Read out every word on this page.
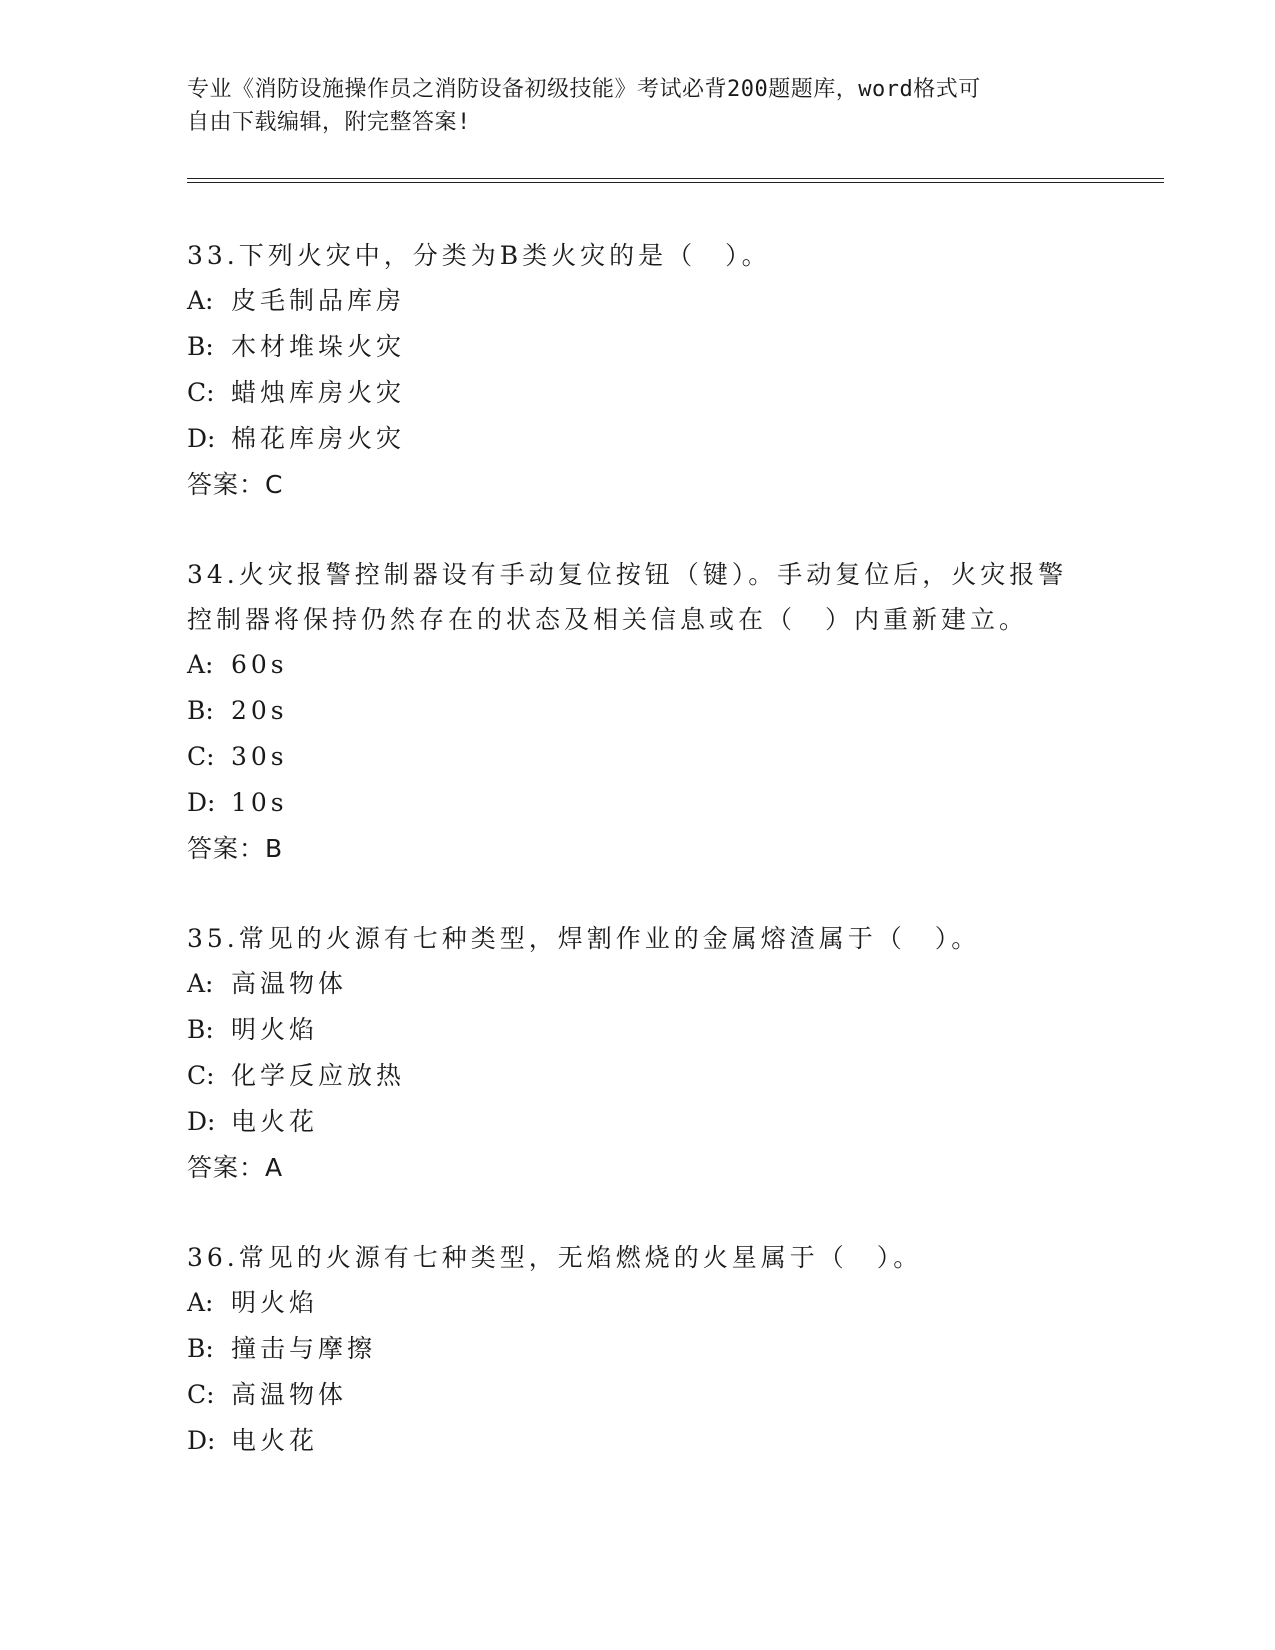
专业《消防设施操作员之消防设备初级技能》考试必背200题题库，word格式可
自由下载编辑，附完整答案!
33.下列火灾中，分类为B类火灾的是（　）。
A: 皮毛制品库房
B: 木材堆垛火灾
C: 蜡烛库房火灾
D: 棉花库房火灾
答案：C
34.火灾报警控制器设有手动复位按钮（键）。手动复位后，火灾报警
控制器将保持仍然存在的状态及相关信息或在（　）内重新建立。
A: 60s
B: 20s
C: 30s
D: 10s
答案：B
35.常见的火源有七种类型，焊割作业的金属熔渣属于（　）。
A: 高温物体
B: 明火焰
C: 化学反应放热
D: 电火花
答案：A
36.常见的火源有七种类型，无焰燃烧的火星属于（　）。
A: 明火焰
B: 撞击与摩擦
C: 高温物体
D: 电火花
